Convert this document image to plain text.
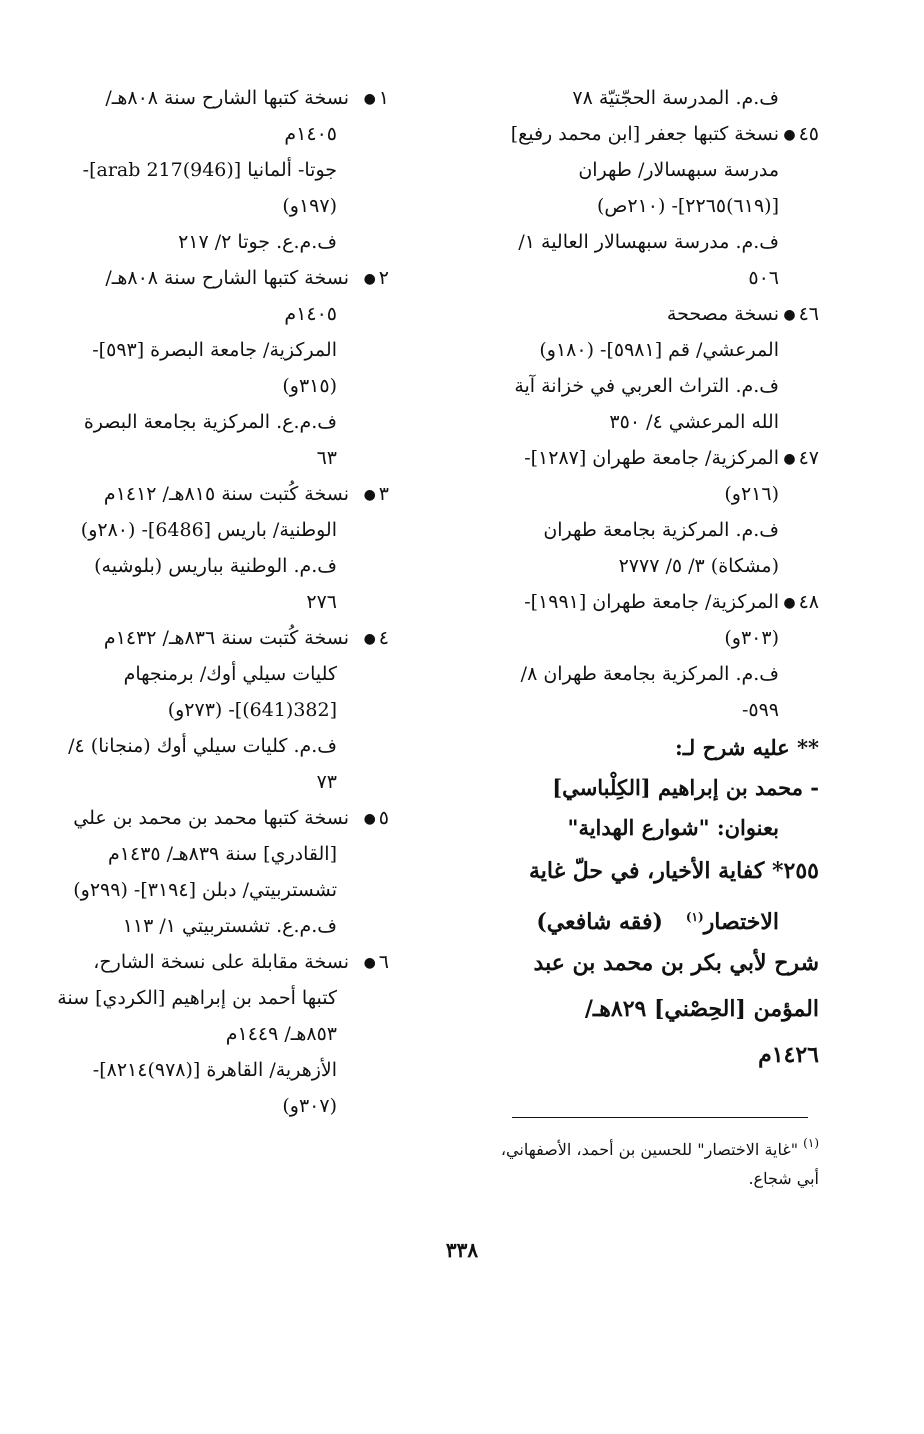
ف.م. المدرسة الحجّتيّة ٧٨
٤٥●نسخة كتبها جعفر [ابن محمد رفيع]
مدرسة سبهسالار/ طهران
[(٦١٩)٢٢٦٥]- (٢١٠ص)
ف.م. مدرسة سبهسالار العالية ١/
٥٠٦
٤٦●نسخة مصححة
المرعشي/ قم [٥٩٨١]- (١٨٠و)
ف.م. التراث العربي في خزانة آية
الله المرعشي ٤/ ٣٥٠
٤٧●المركزية/ جامعة طهران [١٢٨٧]-
(٢١٦و)
ف.م. المركزية بجامعة طهران
(مشكاة) ٣/ ٥/ ٢٧٧٧
٤٨●المركزية/ جامعة طهران [١٩٩١]-
(٣٠٣و)
ف.م. المركزية بجامعة طهران ٨/
٥٩٩-
** عليه شرح لـ:
- محمد بن إبراهيم [الكِلْباسي]
بعنوان: "شوارع الهداية"
٢٥٥* كفاية الأخيار، في حلّ غاية
الاختصار$^{(١)}$   (فقه شافعي)
شرح لأبي بكر بن محمد بن عبد
المؤمن [الحِصْني] ٨٢٩هـ/
١٤٢٦م
١●نسخة كتبها الشارح سنة ٨٠٨هـ/
١٤٠٥م
جوتا- ألمانيا [arab 217(946)]-
(١٩٧و)
ف.م.ع. جوتا ٢/ ٢١٧
٢●نسخة كتبها الشارح سنة ٨٠٨هـ/
١٤٠٥م
المركزية/ جامعة البصرة [٥٩٣]-
(٣١٥و)
ف.م.ع. المركزية بجامعة البصرة
٦٣
٣●نسخة كُتبت سنة ٨١٥هـ/ ١٤١٢م
الوطنية/ باريس [6486]- (٢٨٠و)
ف.م. الوطنية بباريس (بلوشيه)
٢٧٦
٤●نسخة كُتبت سنة ٨٣٦هـ/ ١٤٣٢م
كليات سيلي أوك/ برمنجهام
[382(641)]- (٢٧٣و)
ف.م. كليات سيلي أوك (منجانا) ٤/
٧٣
٥●نسخة كتبها محمد بن محمد بن علي
[القادري] سنة ٨٣٩هـ/ ١٤٣٥م
تشستربيتي/ دبلن [٣١٩٤]- (٢٩٩و)
ف.م.ع. تشستربيتي ١/ ١١٣
٦●نسخة مقابلة على نسخة الشارح،
كتبها أحمد بن إبراهيم [الكردي] سنة
٨٥٣هـ/ ١٤٤٩م
الأزهرية/ القاهرة [(٩٧٨)٨٢١٤]-
(٣٠٧و)
$^{(١)}$ "غاية الاختصار" للحسين بن أحمد، الأصفهاني،
أبي شجاع.
٣٣٨
